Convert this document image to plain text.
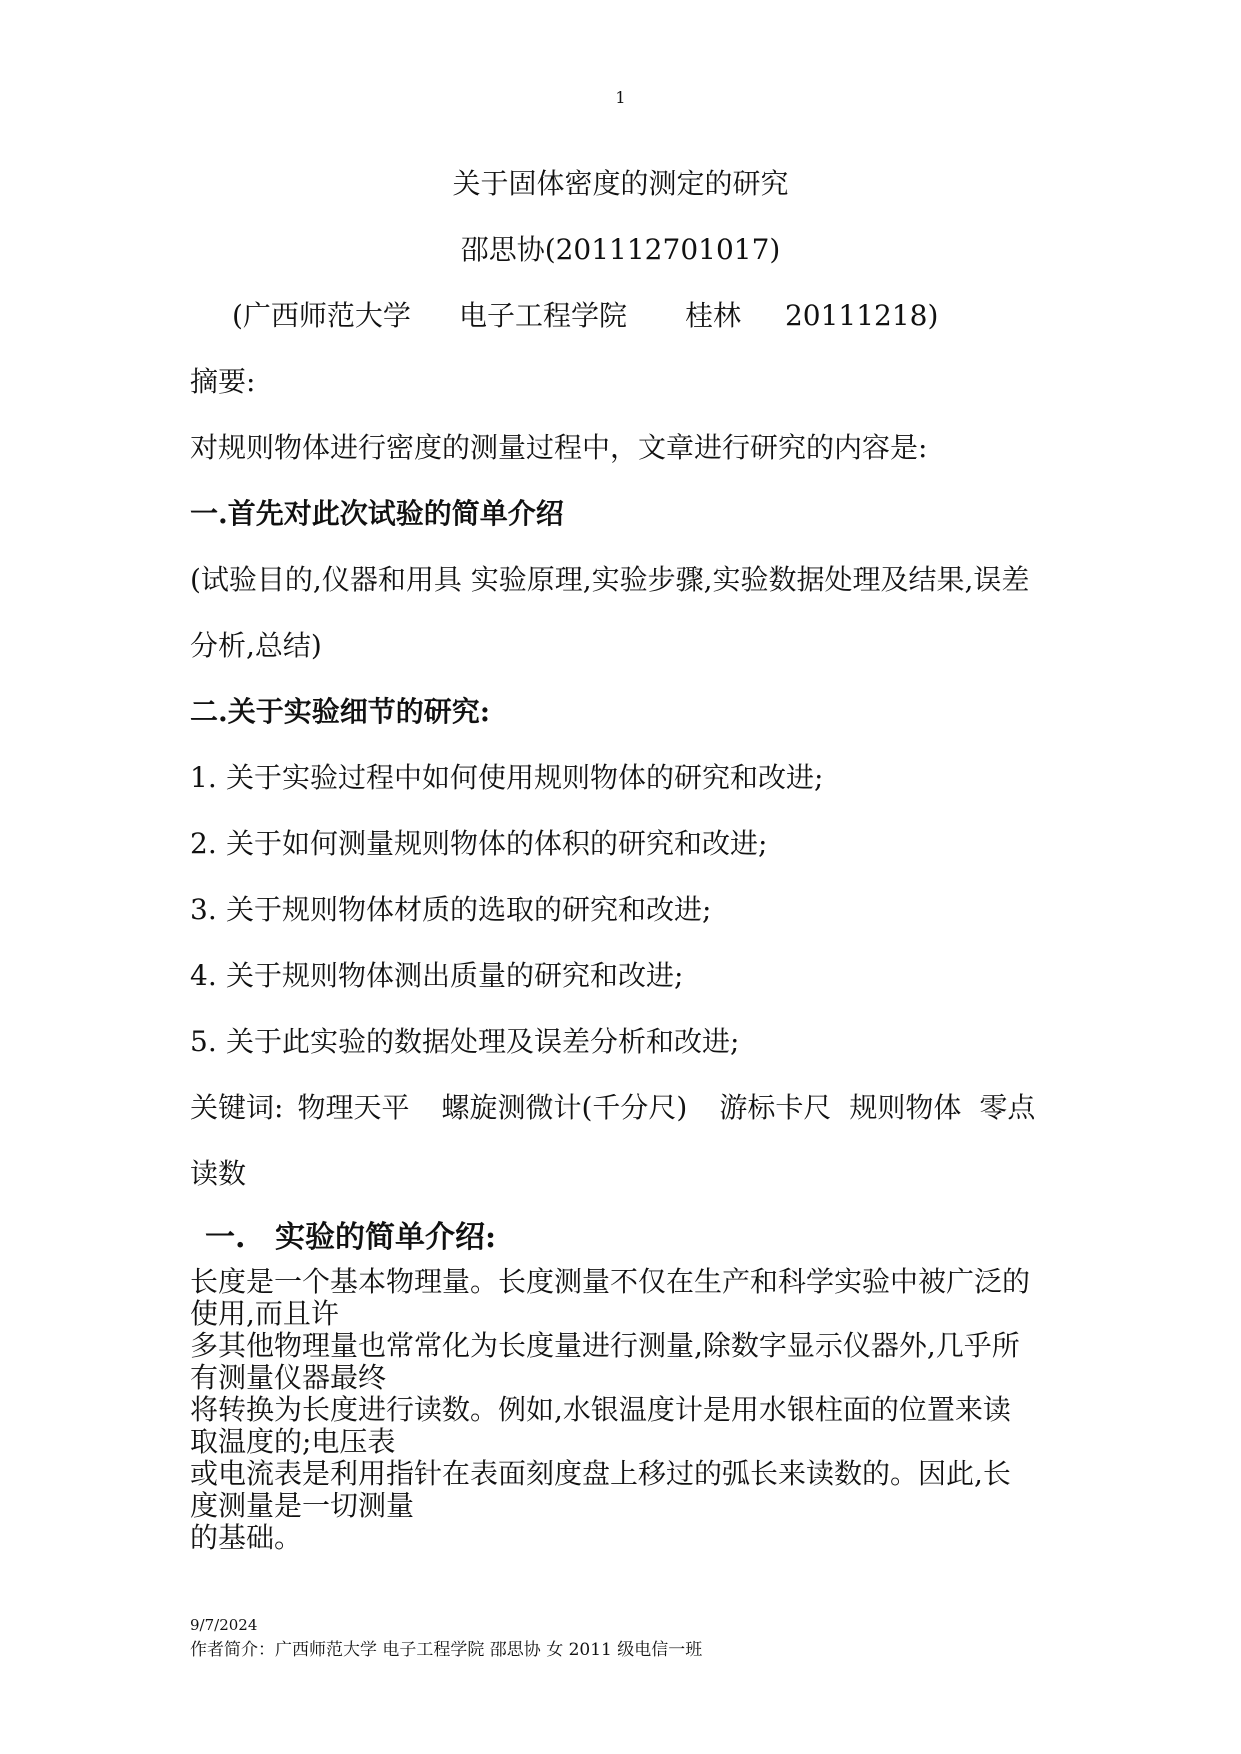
1
关于固体密度的测定的研究
邵思协(201112701017)
(广西师范大学 电子工程学院 桂林 20111218)
摘要:
对规则物体进行密度的测量过程中，文章进行研究的内容是:
一.首先对此次试验的简单介绍
(试验目的,仪器和用具 实验原理,实验步骤,实验数据处理及结果,误差
分析,总结)
二.关于实验细节的研究:
1. 关于实验过程中如何使用规则物体的研究和改进;
2. 关于如何测量规则物体的体积的研究和改进;
3. 关于规则物体材质的选取的研究和改进;
4. 关于规则物体测出质量的研究和改进;
5. 关于此实验的数据处理及误差分析和改进;
关键词: 物理天平 螺旋测微计(千分尺) 游标卡尺 规则物体 零点
读数
一. 实验的简单介绍:
长度是一个基本物理量。长度测量不仅在生产和科学实验中被广泛的
使用,而且许
多其他物理量也常常化为长度量进行测量,除数字显示仪器外,几乎所
有测量仪器最终
将转换为长度进行读数。例如,水银温度计是用水银柱面的位置来读
取温度的;电压表
或电流表是利用指针在表面刻度盘上移过的弧长来读数的。因此,长
度测量是一切测量
的基础。
9/7/2024
作者简介：广西师范大学 电子工程学院 邵思协 女 2011 级电信一班
